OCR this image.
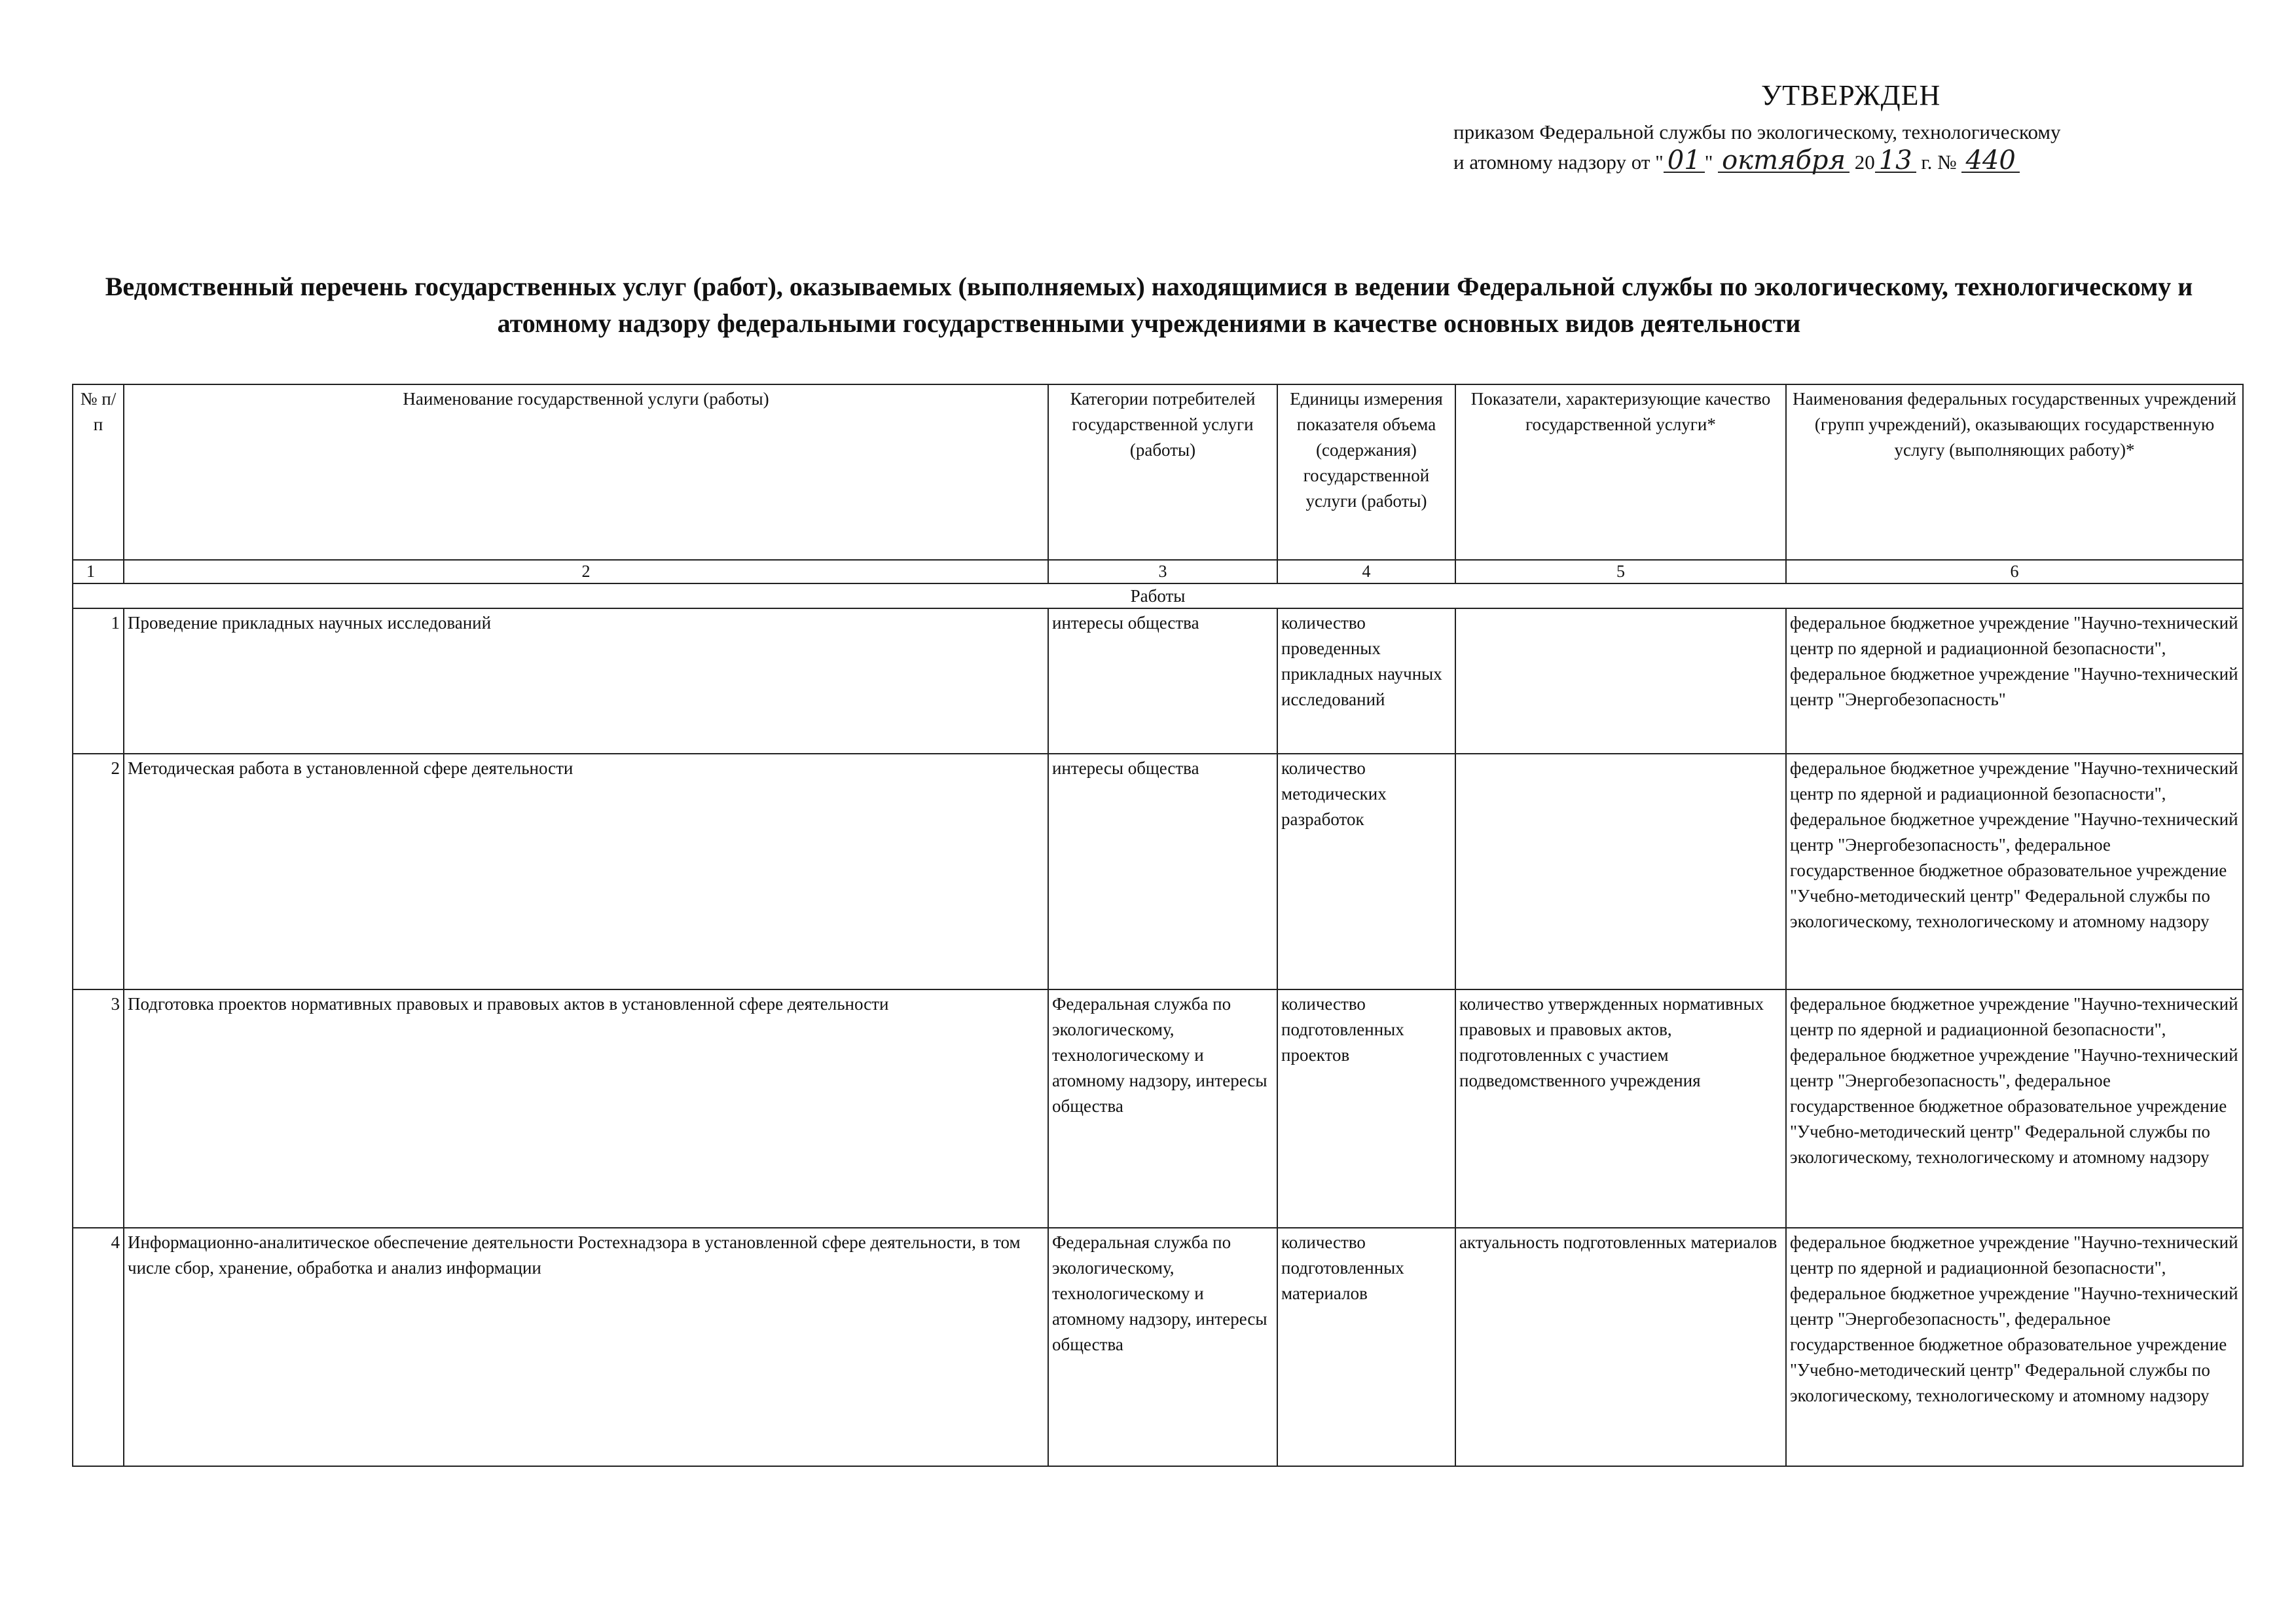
УТВЕРЖДЕН
приказом Федеральной службы по экологическому, технологическому
и атомному надзору от " 01 " октября 20 13 г. № 440
Ведомственный перечень государственных услуг (работ), оказываемых (выполняемых) находящимися в ведении Федеральной службы по экологическому, технологическому и атомному надзору федеральными государственными учреждениями в качестве основных видов деятельности
№ п/п	Наименование государственной услуги (работы)	Категории потребителей государственной услуги (работы)	Единицы измерения показателя объема (содержания) государственной услуги (работы)	Показатели, характеризующие качество государственной услуги*	Наименования федеральных государственных учреждений (групп учреждений), оказывающих государственную услугу (выполняющих работу)*
1	2	3	4	5	6
Работы					
1	Проведение прикладных научных исследований	интересы общества	количество проведенных прикладных научных исследований		федеральное бюджетное учреждение "Научно-технический центр по ядерной и радиационной безопасности", федеральное бюджетное учреждение "Научно-технический центр "Энергобезопасность"
2	Методическая работа в установленной сфере деятельности	интересы общества	количество методических разработок		федеральное бюджетное учреждение "Научно-технический центр по ядерной и радиационной безопасности", федеральное бюджетное учреждение "Научно-технический центр "Энергобезопасность", федеральное государственное бюджетное образовательное учреждение "Учебно-методический центр" Федеральной службы по экологическому, технологическому и атомному надзору
3	Подготовка проектов нормативных правовых и правовых актов в установленной сфере деятельности	Федеральная служба по экологическому, технологическому и атомному надзору, интересы общества	количество подготовленных проектов	количество утвержденных нормативных правовых и правовых актов, подготовленных с участием подведомственного учреждения	федеральное бюджетное учреждение "Научно-технический центр по ядерной и радиационной безопасности", федеральное бюджетное учреждение "Научно-технический центр "Энергобезопасность", федеральное государственное бюджетное образовательное учреждение "Учебно-методический центр" Федеральной службы по экологическому, технологическому и атомному надзору
4	Информационно-аналитическое обеспечение деятельности Ростехнадзора в установленной сфере деятельности, в том числе сбор, хранение, обработка и анализ информации	Федеральная служба по экологическому, технологическому и атомному надзору, интересы общества	количество подготовленных материалов	актуальность подготовленных материалов	федеральное бюджетное учреждение "Научно-технический центр по ядерной и радиационной безопасности", федеральное бюджетное учреждение "Научно-технический центр "Энергобезопасность", федеральное государственное бюджетное образовательное учреждение "Учебно-методический центр" Федеральной службы по экологическому, технологическому и атомному надзору
